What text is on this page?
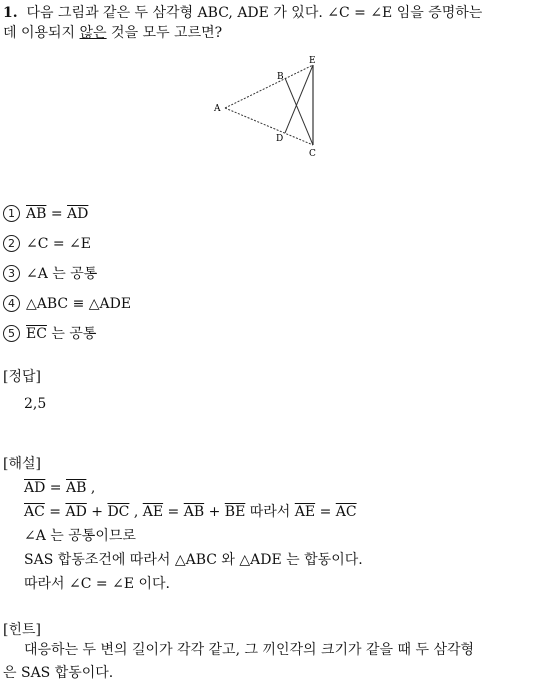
1. 다음 그림과 같은 두 삼각형 ABC, ADE 가 있다. ∠C = ∠E 임을 증명하는
데 이용되지 않은 것을 모두 고르면?
A
B
E
D
C
1 $\overline{AB} = \overline{AD}$
2 ∠C = ∠E
3 ∠A 는 공통
4 △ABC ≡ △ADE
5 $\overline{EC}$ 는 공통
[정답]
2,5
[해설]
$\overline{AD} = \overline{AB}$ ,
$\overline{AC} = \overline{AD} + \overline{DC}$ , $\overline{AE} = \overline{AB} + \overline{BE}$ 따라서 $\overline{AE} = \overline{AC}$
∠A 는 공통이므로
SAS 합동조건에 따라서 △ABC 와 △ADE 는 합동이다.
따라서 ∠C = ∠E 이다.
[힌트]
대응하는 두 변의 길이가 각각 같고, 그 끼인각의 크기가 같을 때 두 삼각형
은 SAS 합동이다.
